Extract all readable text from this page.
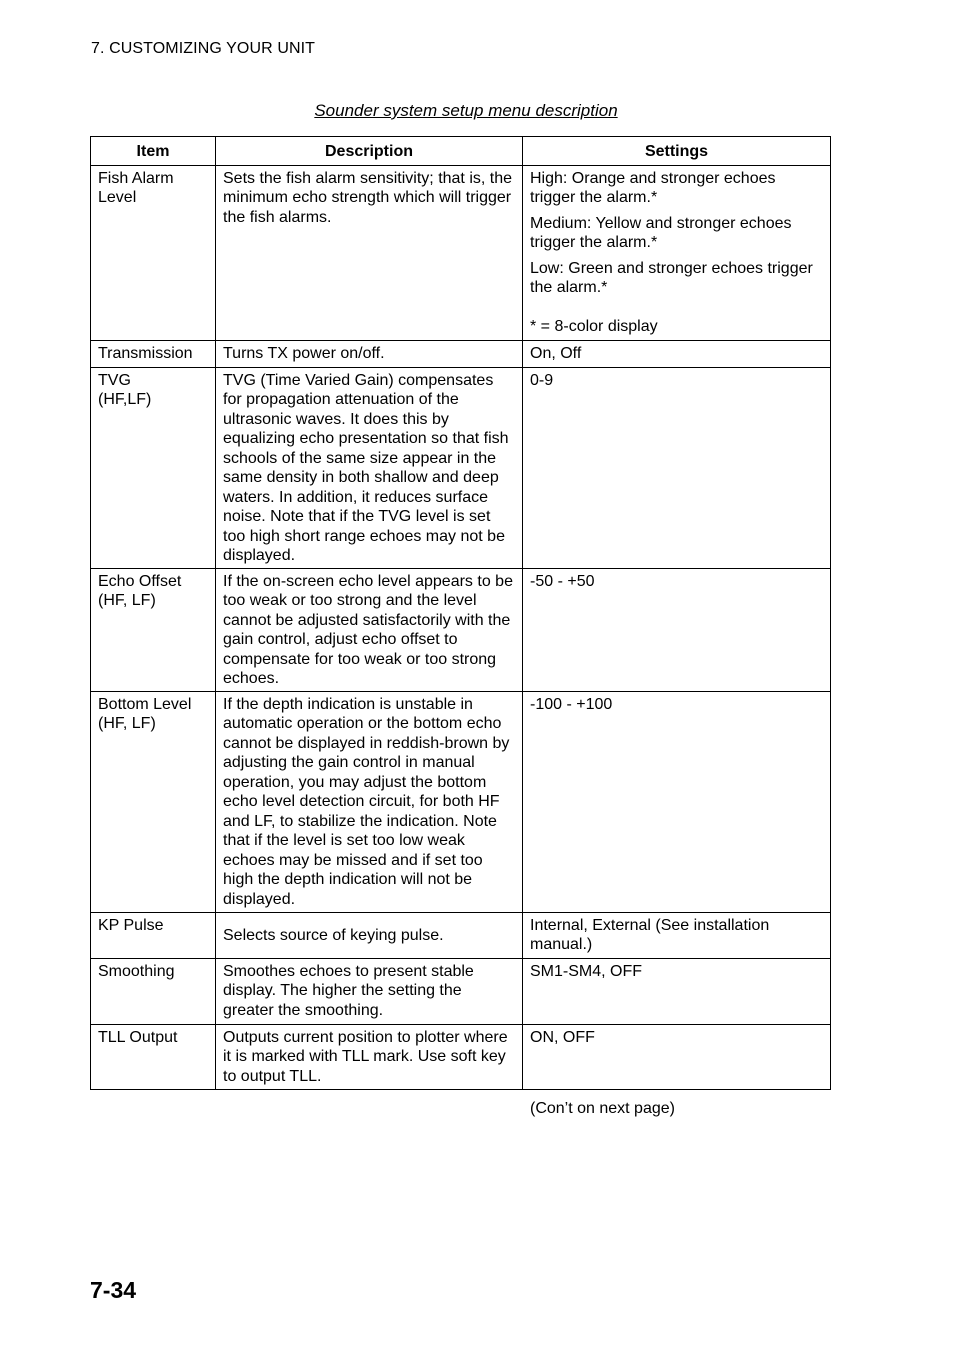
7. CUSTOMIZING YOUR UNIT
Sounder system setup menu description
Item	Description	Settings

Fish Alarm
Level	Sets the fish alarm sensitivity; that is, the minimum echo strength which will trigger the fish alarms.	High: Orange and stronger echoes trigger the alarm.*
Medium: Yellow and stronger echoes trigger the alarm.*
Low: Green and stronger echoes trigger the alarm.*
* = 8-color display

Transmission	Turns TX power on/off.	On, Off

TVG
(HF,LF)	TVG (Time Varied Gain) compensates for propagation attenuation of the ultrasonic waves. It does this by equalizing echo presentation so that fish schools of the same size appear in the same density in both shallow and deep waters. In addition, it reduces surface noise. Note that if the TVG level is set too high short range echoes may not be displayed.	0-9

Echo Offset
(HF, LF)	If the on-screen echo level appears to be too weak or too strong and the level cannot be adjusted satisfactorily with the gain control, adjust echo offset to compensate for too weak or too strong echoes.	-50 - +50

Bottom Level
(HF, LF)	If the depth indication is unstable in automatic operation or the bottom echo cannot be displayed in reddish-brown by adjusting the gain control in manual operation, you may adjust the bottom echo level detection circuit, for both HF and LF, to stabilize the indication. Note that if the level is set too low weak echoes may be missed and if set too high the depth indication will not be displayed.	-100 - +100
KP Pulse	Selects source of keying pulse.	Internal, External (See installation manual.)
Smoothing	Smoothes echoes to present stable display. The higher the setting the greater the smoothing.	SM1-SM4, OFF
TLL Output	Outputs current position to plotter where it is marked with TLL mark. Use soft key to output TLL.	ON, OFF
(Con’t on next page)
7-34
